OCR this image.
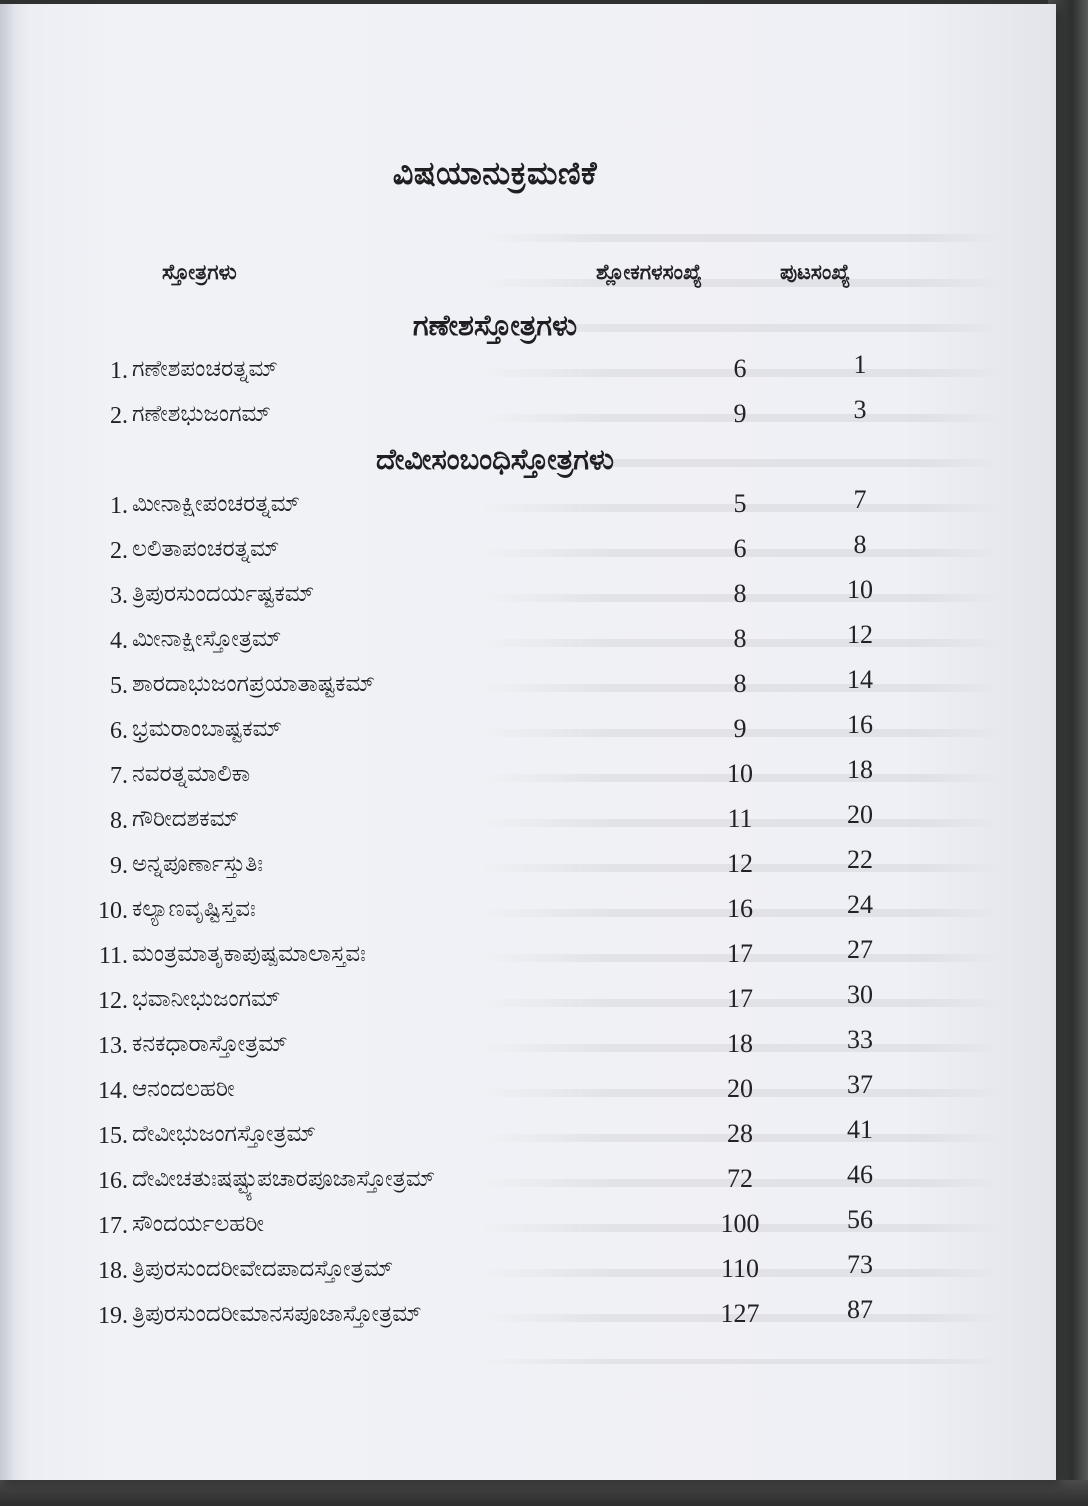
ವಿಷಯಾನುಕ್ರಮಣಿಕೆ
ಸ್ತೋತ್ರಗಳು	ಶ್ಲೋಕಗಳಸಂಖ್ಯೆ	ಪುಟಸಂಖ್ಯೆ
ಗಣೇಶಸ್ತೋತ್ರಗಳು
1. ಗಣೇಶಪಂಚರತ್ನಮ್	6	1
2. ಗಣೇಶಭುಜಂಗಮ್	9	3
ದೇವೀಸಂಬಂಧಿಸ್ತೋತ್ರಗಳು
1. ಮೀನಾಕ್ಷೀಪಂಚರತ್ನಮ್	5	7
2. ಲಲಿತಾಪಂಚರತ್ನಮ್	6	8
3. ತ್ರಿಪುರಸುಂದರ್ಯಷ್ಟಕಮ್	8	10
4. ಮೀನಾಕ್ಷೀಸ್ತೋತ್ರಮ್	8	12
5. ಶಾರದಾಭುಜಂಗಪ್ರಯಾತಾಷ್ಟಕಮ್	8	14
6. ಭ್ರಮರಾಂಬಾಷ್ಟಕಮ್	9	16
7. ನವರತ್ನಮಾಲಿಕಾ	10	18
8. ಗೌರೀದಶಕಮ್	11	20
9. ಅನ್ನಪೂರ್ಣಾಸ್ತುತಿಃ	12	22
10. ಕಲ್ಯಾಣವೃಷ್ಟಿಸ್ತವಃ	16	24
11. ಮಂತ್ರಮಾತೃಕಾಪುಷ್ಪಮಾಲಾಸ್ತವಃ	17	27
12. ಭವಾನೀಭುಜಂಗಮ್	17	30
13. ಕನಕಧಾರಾಸ್ತೋತ್ರಮ್	18	33
14. ಆನಂದಲಹರೀ	20	37
15. ದೇವೀಭುಜಂಗಸ್ತೋತ್ರಮ್	28	41
16. ದೇವೀಚತುಃಷಷ್ಟ್ಯುಪಚಾರಪೂಜಾಸ್ತೋತ್ರಮ್	72	46
17. ಸೌಂದರ್ಯಲಹರೀ	100	56
18. ತ್ರಿಪುರಸುಂದರೀವೇದಪಾದಸ್ತೋತ್ರಮ್	110	73
19. ತ್ರಿಪುರಸುಂದರೀಮಾನಸಪೂಜಾಸ್ತೋತ್ರಮ್	127	87
